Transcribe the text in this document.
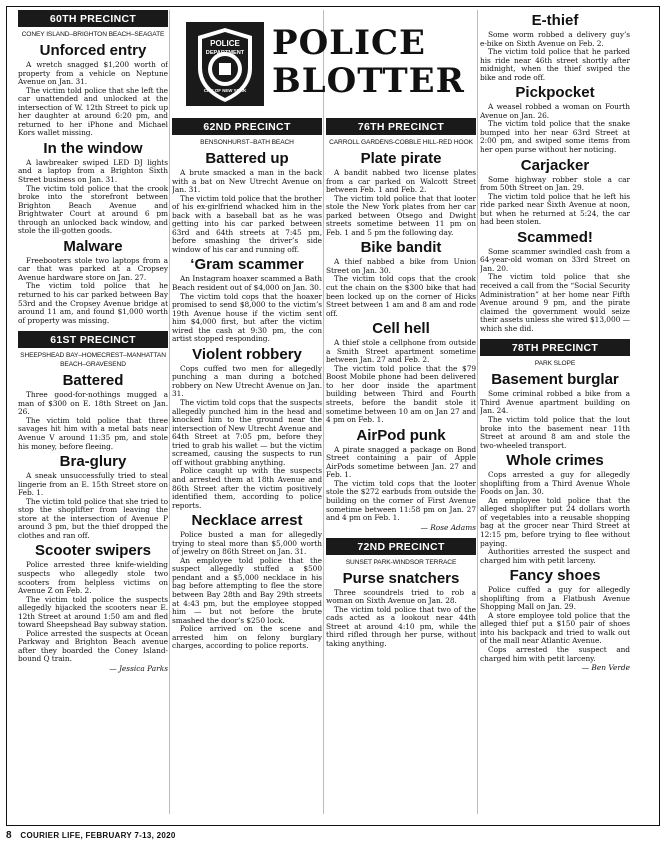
POLICE
DEPARTMENT
CITY OF NEW YORK
POLICE
BLOTTER
60TH PRECINCT
CONEY ISLAND–BRIGHTON BEACH–SEAGATE
Unforced entry

A wretch snagged $1,200 worth of property from a vehicle on Neptune Avenue on Jan. 31.

The victim told police that she left the car unattended and unlocked at the intersection of W. 12th Street to pick up her daughter at around 6:20 pm, and returned to her iPhone and Michael Kors wallet missing.

In the window

A lawbreaker swiped LED DJ lights and a laptop from a Brighton Sixth Street business on Jan. 31.

The victim told police that the crook broke into the storefront between Brighton Beach Avenue and Brightwater Court at around 6 pm through an unlocked back window, and stole the ill-gotten goods.

Malware

Freebooters stole two laptops from a car that was parked at a Cropsey Avenue hardware store on Jan. 27.

The victim told police that he returned to his car parked between Bay 53rd and the Cropsey Avenue bridge at around 11 am, and found $1,000 worth of property was missing.

61ST PRECINCT
SHEEPSHEAD BAY–HOMECREST–MANHATTAN BEACH–GRAVESEND
Battered

Three good-for-nothings mugged a man of $300 on E. 18th Street on Jan. 26.

The victim told police that three savages hit him with a metal bats near Avenue V around 11:35 pm, and stole his money, before fleeing.

Bra-glury

A sneak unsuccessfully tried to steal lingerie from an E. 15th Street store on Feb. 1.

The victim told police that she tried to stop the shoplifter from leaving the store at the intersection of Avenue P around 3 pm, but the thief dropped the clothes and ran off.

Scooter swipers

Police arrested three knife-wielding suspects who allegedly stole two scooters from helpless victims on Avenue Z on Feb. 2.

The victim told police the suspects allegedly hijacked the scooters near E. 12th Street at around 1:50 am and fled toward Sheepshead Bay subway station.

Police arrested the suspects at Ocean Parkway and Brighton Beach avenue after they boarded the Coney Island-bound Q train.

— Jessica Parks

62ND PRECINCT
BENSONHURST–BATH BEACH
Battered up

A brute smacked a man in the back with a bat on New Utrecht Avenue on Jan. 31.

The victim told police that the brother of his ex-girlfriend whacked him in the back with a baseball bat as he was getting into his car parked between 63rd and 64th streets at 7:45 pm, before smashing the driver’s side window of his car and running off.

‘Gram scammer

An Instagram hoaxer scammed a Bath Beach resident out of $4,000 on Jan. 30.

The victim told cops that the hoaxer promised to send $8,000 to the victim’s 19th Avenue house if the victim sent him $4,000 first, but after the victim wired the cash at 9:30 pm, the con artist stopped responding.

Violent robbery

Cops cuffed two men for allegedly punching a man during a botched robbery on New Utrecht Avenue on Jan. 31.

The victim told cops that the suspects allegedly punched him in the head and knocked him to the ground near the intersection of New Utrecht Avenue and 64th Street at 7:05 pm, before they tried to grab his wallet — but the victim screamed, causing the suspects to run off without grabbing anything.

Police caught up with the suspects and arrested them at 18th Avenue and 86th Street after the victim positively identified them, according to police reports.

Necklace arrest

Police busted a man for allegedly trying to steal more than $5,000 worth of jewelry on 86th Street on Jan. 31.

An employee told police that the suspect allegedly stuffed a $500 pendant and a $5,000 necklace in his bag before attempting to flee the store between Bay 28th and Bay 29th streets at 4:43 pm, but the employee stopped him — but not before the brute smashed the door’s $250 lock.

Police arrived on the scene and arrested him on felony burglary charges, according to police reports.

76TH PRECINCT
CARROLL GARDENS-COBBLE HILL-RED HOOK
Plate pirate

A bandit nabbed two license plates from a car parked on Walcott Street between Feb. 1 and Feb. 2.

The victim told police that that looter stole the New York plates from her car parked between Otsego and Dwight streets sometime between 11 pm on Feb. 1 and 5 pm the following day.

Bike bandit

A thief nabbed a bike from Union Street on Jan. 30.

The victim told cops that the crook cut the chain on the $300 bike that had been locked up on the corner of Hicks Street between 1 am and 8 am and rode off.

Cell hell

A thief stole a cellphone from outside a Smith Street apartment sometime between Jan. 27 and Feb. 2.

The victim told police that the $79 Boost Mobile phone had been delivered to her door inside the apartment building between Third and Fourth streets, before the bandit stole it sometime between 10 am on Jan 27 and 4 pm on Feb. 1.

AirPod punk

A pirate snagged a package on Bond Street containing a pair of Apple AirPods sometime between Jan. 27 and Feb. 1.

The victim told cops that the looter stole the $272 earbuds from outside the building on the corner of First Avenue sometime between 11:58 pm on Jan. 27 and 4 pm on Feb. 1.

— Rose Adams

72ND PRECINCT
SUNSET PARK-WINDSOR TERRACE
Purse snatchers

Three scoundrels tried to rob a woman on Sixth Avenue on Jan. 28.

The victim told police that two of the cads acted as a lookout near 44th Street at around 4:10 pm, while the third rifled through her purse, without taking anything.

E-thief

Some worm robbed a delivery guy’s e-bike on Sixth Avenue on Feb. 2.

The victim told police that he parked his ride near 46th street shortly after midnight, when the thief swiped the bike and rode off.

Pickpocket

A weasel robbed a woman on Fourth Avenue on Jan. 26.

The victim told police that the snake bumped into her near 63rd Street at 2:00 pm, and swiped some items from her open purse without her noticing.

Carjacker

Some highway robber stole a car from 50th Street on Jan. 29.

The victim told police that he left his ride parked near Sixth Avenue at noon, but when he returned at 5:24, the car had been stolen.

Scammed!

Some scammer swindled cash from a 64-year-old woman on 33rd Street on Jan. 20.

The victim told police that she received a call from the “Social Security Administration” at her home near Fifth Avenue around 9 pm, and the pirate claimed the government would seize their assets unless she wired $13,000 — which she did.

78TH PRECINCT
PARK SLOPE
Basement burglar

Some criminal robbed a bike from a Third Avenue apartment building on Jan. 24.

The victim told police that the lout broke into the basement near 11th Street at around 8 am and stole the two-wheeled transport.

Whole crimes

Cops arrested a guy for allegedly shoplifting from a Third Avenue Whole Foods on Jan. 30.

An employee told police that the alleged shoplifter put 24 dollars worth of vegetables into a reusable shopping bag at the grocer near Third Street at 12:15 pm, before trying to flee without paying.

Authorities arrested the suspect and charged him with petit larceny.

Fancy shoes

Police cuffed a guy for allegedly shoplifting from a Flatbush Avenue Shopping Mall on Jan. 29.

A store employee told police that the alleged thief put a $150 pair of shoes into his backpack and tried to walk out of the mall near Atlantic Avenue.

Cops arrested the suspect and charged him with petit larceny.

— Ben Verde

8 COURIER LIFE, FEBRUARY 7-13, 2020
